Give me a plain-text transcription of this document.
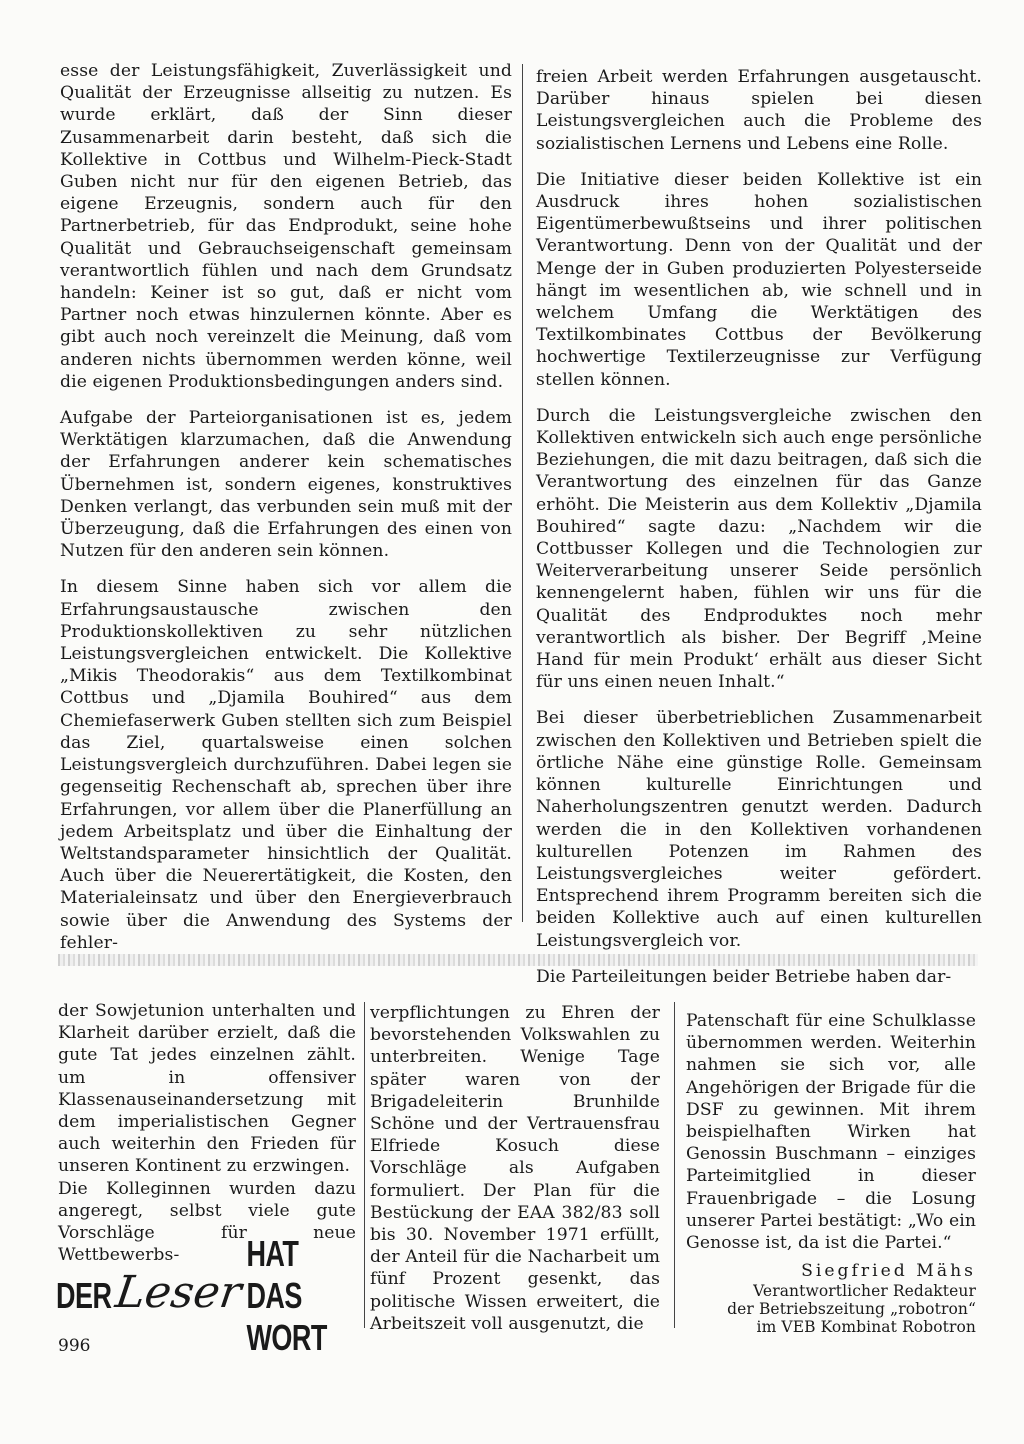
esse der Leistungsfähigkeit, Zuverlässigkeit und Qualität der Erzeugnisse allseitig zu nutzen. Es wurde erklärt, daß der Sinn dieser Zusammenarbeit darin besteht, daß sich die Kollektive in Cottbus und Wilhelm-Pieck-Stadt Guben nicht nur für den eigenen Betrieb, das eigene Erzeugnis, sondern auch für den Partnerbetrieb, für das Endprodukt, seine hohe Qualität und Gebrauchseigenschaft gemeinsam verantwortlich fühlen und nach dem Grundsatz handeln: Keiner ist so gut, daß er nicht vom Partner noch etwas hinzulernen könnte. Aber es gibt auch noch vereinzelt die Meinung, daß vom anderen nichts übernommen werden könne, weil die eigenen Produktionsbedingungen anders sind.

Aufgabe der Parteiorganisationen ist es, jedem Werktätigen klarzumachen, daß die Anwendung der Erfahrungen anderer kein schematisches Übernehmen ist, sondern eigenes, konstruktives Denken verlangt, das verbunden sein muß mit der Überzeugung, daß die Erfahrungen des einen von Nutzen für den anderen sein können.

In diesem Sinne haben sich vor allem die Erfahrungsaustausche zwischen den Produktionskollektiven zu sehr nützlichen Leistungsvergleichen entwickelt. Die Kollektive „Mikis Theodorakis“ aus dem Textilkombinat Cottbus und „Djamila Bouhired“ aus dem Chemiefaserwerk Guben stellten sich zum Beispiel das Ziel, quartalsweise einen solchen Leistungsvergleich durchzuführen. Dabei legen sie gegenseitig Rechenschaft ab, sprechen über ihre Erfahrungen, vor allem über die Planerfüllung an jedem Arbeitsplatz und über die Einhaltung der Weltstandsparameter hinsichtlich der Qualität. Auch über die Neuerertätigkeit, die Kosten, den Materialeinsatz und über den Energieverbrauch sowie über die Anwendung des Systems der fehler-

freien Arbeit werden Erfahrungen ausgetauscht. Darüber hinaus spielen bei diesen Leistungsvergleichen auch die Probleme des sozialistischen Lernens und Lebens eine Rolle.

Die Initiative dieser beiden Kollektive ist ein Ausdruck ihres hohen sozialistischen Eigentümerbewußtseins und ihrer politischen Verantwortung. Denn von der Qualität und der Menge der in Guben produzierten Polyesterseide hängt im wesentlichen ab, wie schnell und in welchem Umfang die Werktätigen des Textilkombinates Cottbus der Bevölkerung hochwertige Textilerzeugnisse zur Verfügung stellen können.

Durch die Leistungsvergleiche zwischen den Kollektiven entwickeln sich auch enge persönliche Beziehungen, die mit dazu beitragen, daß sich die Verantwortung des einzelnen für das Ganze erhöht. Die Meisterin aus dem Kollektiv „Djamila Bouhired“ sagte dazu: „Nachdem wir die Cottbusser Kollegen und die Technologien zur Weiterverarbeitung unserer Seide persönlich kennengelernt haben, fühlen wir uns für die Qualität des Endproduktes noch mehr verantwortlich als bisher. Der Begriff ‚Meine Hand für mein Produkt‘ erhält aus dieser Sicht für uns einen neuen Inhalt.“

Bei dieser überbetrieblichen Zusammenarbeit zwischen den Kollektiven und Betrieben spielt die örtliche Nähe eine günstige Rolle. Gemeinsam können kulturelle Einrichtungen und Naherholungszentren genutzt werden. Dadurch werden die in den Kollektiven vorhandenen kulturellen Potenzen im Rahmen des Leistungsvergleiches weiter gefördert. Entsprechend ihrem Programm bereiten sich die beiden Kollektive auch auf einen kulturellen Leistungsvergleich vor.

Die Parteileitungen beider Betriebe haben dar-

der Sowjetunion unterhalten und Klarheit darüber erzielt, daß die gute Tat jedes einzelnen zählt. um in offensiver Klassenauseinandersetzung mit dem imperialistischen Gegner auch weiterhin den Frieden für unseren Kontinent zu erzwingen.

Die Kolleginnen wurden dazu angeregt, selbst viele gute Vorschläge für neue Wettbewerbs-

verpflichtungen zu Ehren der bevorstehenden Volkswahlen zu unterbreiten. Wenige Tage später waren von der Brigadeleiterin Brunhilde Schöne und der Vertrauensfrau Elfriede Kosuch diese Vorschläge als Aufgaben formuliert. Der Plan für die Bestückung der EAA 382/83 soll bis 30. November 1971 erfüllt, der Anteil für die Nacharbeit um fünf Prozent gesenkt, das politische Wissen erweitert, die Arbeitszeit voll ausgenutzt, die

Patenschaft für eine Schulklasse übernommen werden. Weiterhin nahmen sie sich vor, alle Angehörigen der Brigade für die DSF zu gewinnen. Mit ihrem beispielhaften Wirken hat Genossin Buschmann – einziges Parteimitglied in dieser Frauenbrigade – die Losung unserer Partei bestätigt: „Wo ein Genosse ist, da ist die Partei.“

Siegfried Mähs
Verantwortlicher Redakteur
der Betriebszeitung „robotron“
im VEB Kombinat Robotron
DER Leser
HAT DAS WORT
996
